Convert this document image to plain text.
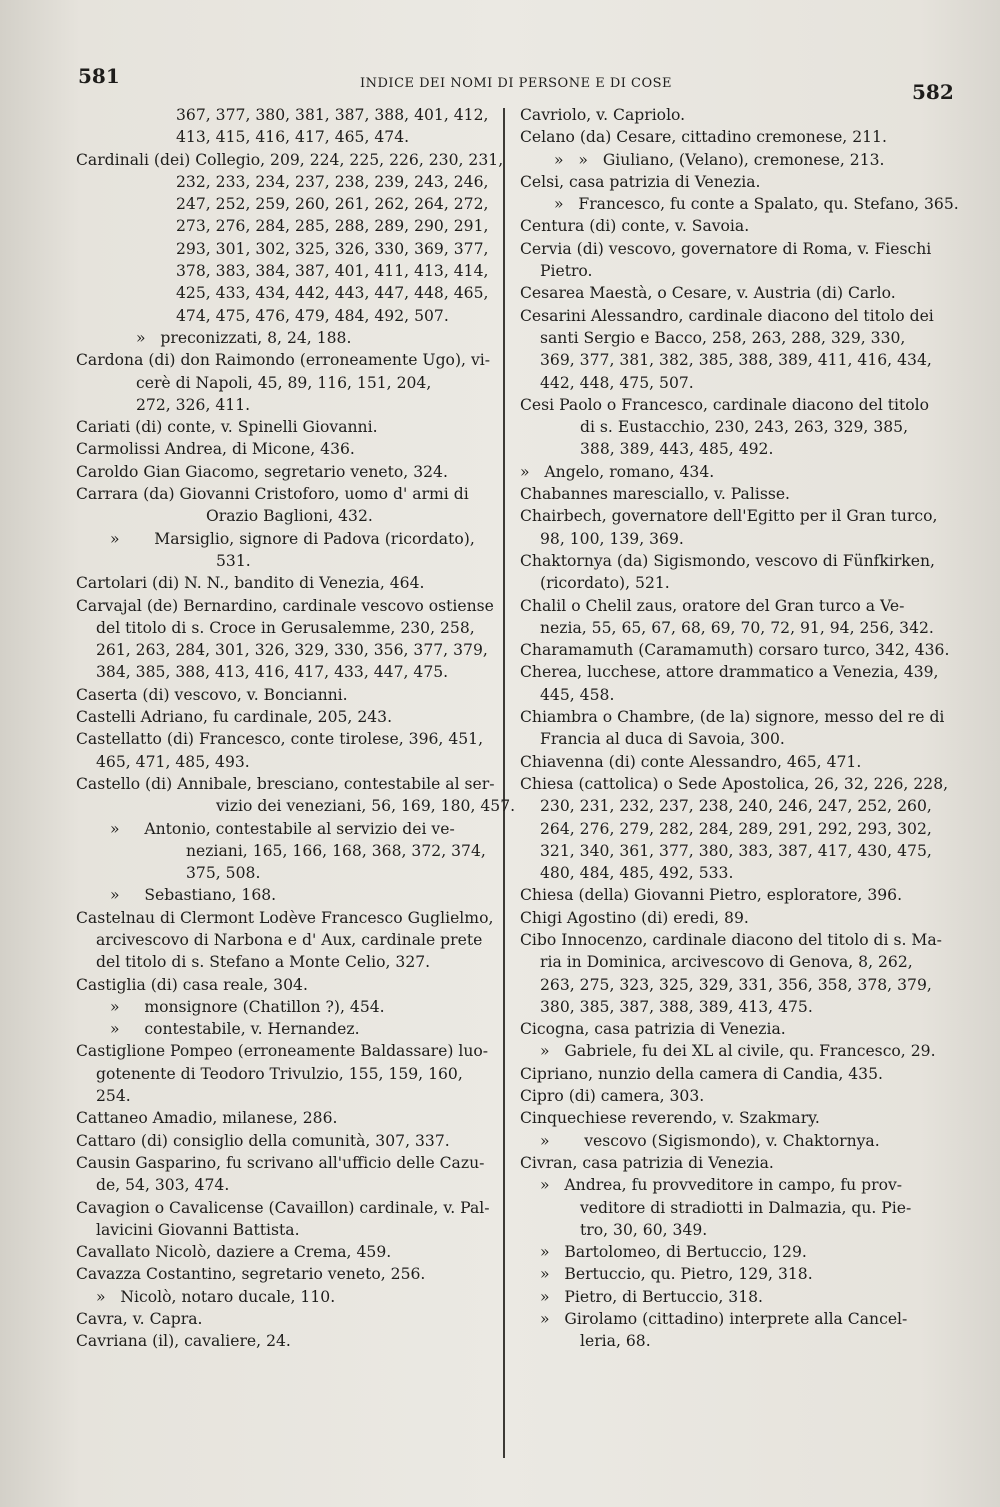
581	INDICE DEI NOMI DI PERSONE E DI COSE	582
367, 377, 380, 381, 387, 388, 401, 412,
413, 415, 416, 417, 465, 474.
Cardinali (dei) Collegio, 209, 224, 225, 226, 230, 231,
232, 233, 234, 237, 238, 239, 243, 246,
247, 252, 259, 260, 261, 262, 264, 272,
273, 276, 284, 285, 288, 289, 290, 291,
293, 301, 302, 325, 326, 330, 369, 377,
378, 383, 384, 387, 401, 411, 413, 414,
425, 433, 434, 442, 443, 447, 448, 465,
474, 475, 476, 479, 484, 492, 507.
»   preconizzati, 8, 24, 188.
Cardona (di) don Raimondo (erroneamente Ugo), vi-
cerè di Napoli, 45, 89, 116, 151, 204,
272, 326, 411.
Cariati (di) conte, v. Spinelli Giovanni.
Carmolissi Andrea, di Micone, 436.
Caroldo Gian Giacomo, segretario veneto, 324.
Carrara (da) Giovanni Cristoforo, uomo d' armi di
Orazio Baglioni, 432.
»       Marsiglio, signore di Padova (ricordato),
531.
Cartolari (di) N. N., bandito di Venezia, 464.
Carvajal (de) Bernardino, cardinale vescovo ostiense
del titolo di s. Croce in Gerusalemme, 230, 258,
261, 263, 284, 301, 326, 329, 330, 356, 377, 379,
384, 385, 388, 413, 416, 417, 433, 447, 475.
Caserta (di) vescovo, v. Boncianni.
Castelli Adriano, fu cardinale, 205, 243.
Castellatto (di) Francesco, conte tirolese, 396, 451,
465, 471, 485, 493.
Castello (di) Annibale, bresciano, contestabile al ser-
vizio dei veneziani, 56, 169, 180, 457.
»     Antonio, contestabile al servizio dei ve-
neziani, 165, 166, 168, 368, 372, 374,
375, 508.
»     Sebastiano, 168.
Castelnau di Clermont Lodève Francesco Guglielmo,
arcivescovo di Narbona e d' Aux, cardinale prete
del titolo di s. Stefano a Monte Celio, 327.
Castiglia (di) casa reale, 304.
»     monsignore (Chatillon ?), 454.
»     contestabile, v. Hernandez.
Castiglione Pompeo (erroneamente Baldassare) luo-
gotenente di Teodoro Trivulzio, 155, 159, 160,
254.
Cattaneo Amadio, milanese, 286.
Cattaro (di) consiglio della comunità, 307, 337.
Causin Gasparino, fu scrivano all'ufficio delle Cazu-
de, 54, 303, 474.
Cavagion o Cavalicense (Cavaillon) cardinale, v. Pal-
lavicini Giovanni Battista.
Cavallato Nicolò, daziere a Crema, 459.
Cavazza Costantino, segretario veneto, 256.
»   Nicolò, notaro ducale, 110.
Cavra, v. Capra.
Cavriana (il), cavaliere, 24.
Cavriolo, v. Capriolo.
Celano (da) Cesare, cittadino cremonese, 211.
»   »   Giuliano, (Velano), cremonese, 213.
Celsi, casa patrizia di Venezia.
»   Francesco, fu conte a Spalato, qu. Stefano, 365.
Centura (di) conte, v. Savoia.
Cervia (di) vescovo, governatore di Roma, v. Fieschi
Pietro.
Cesarea Maestà, o Cesare, v. Austria (di) Carlo.
Cesarini Alessandro, cardinale diacono del titolo dei
santi Sergio e Bacco, 258, 263, 288, 329, 330,
369, 377, 381, 382, 385, 388, 389, 411, 416, 434,
442, 448, 475, 507.
Cesi Paolo o Francesco, cardinale diacono del titolo
di s. Eustacchio, 230, 243, 263, 329, 385,
388, 389, 443, 485, 492.
»   Angelo, romano, 434.
Chabannes maresciallo, v. Palisse.
Chairbech, governatore dell'Egitto per il Gran turco,
98, 100, 139, 369.
Chaktornya (da) Sigismondo, vescovo di Fünfkirken,
(ricordato), 521.
Chalil o Chelil zaus, oratore del Gran turco a Ve-
nezia, 55, 65, 67, 68, 69, 70, 72, 91, 94, 256, 342.
Charamamuth (Caramamuth) corsaro turco, 342, 436.
Cherea, lucchese, attore drammatico a Venezia, 439,
445, 458.
Chiambra o Chambre, (de la) signore, messo del re di
Francia al duca di Savoia, 300.
Chiavenna (di) conte Alessandro, 465, 471.
Chiesa (cattolica) o Sede Apostolica, 26, 32, 226, 228,
230, 231, 232, 237, 238, 240, 246, 247, 252, 260,
264, 276, 279, 282, 284, 289, 291, 292, 293, 302,
321, 340, 361, 377, 380, 383, 387, 417, 430, 475,
480, 484, 485, 492, 533.
Chiesa (della) Giovanni Pietro, esploratore, 396.
Chigi Agostino (di) eredi, 89.
Cibo Innocenzo, cardinale diacono del titolo di s. Ma-
ria in Dominica, arcivescovo di Genova, 8, 262,
263, 275, 323, 325, 329, 331, 356, 358, 378, 379,
380, 385, 387, 388, 389, 413, 475.
Cicogna, casa patrizia di Venezia.
»   Gabriele, fu dei XL al civile, qu. Francesco, 29.
Cipriano, nunzio della camera di Candia, 435.
Cipro (di) camera, 303.
Cinquechiese reverendo, v. Szakmary.
»       vescovo (Sigismondo), v. Chaktornya.
Civran, casa patrizia di Venezia.
»   Andrea, fu provveditore in campo, fu prov-
veditore di stradiotti in Dalmazia, qu. Pie-
tro, 30, 60, 349.
»   Bartolomeo, di Bertuccio, 129.
»   Bertuccio, qu. Pietro, 129, 318.
»   Pietro, di Bertuccio, 318.
»   Girolamo (cittadino) interprete alla Cancel-
leria, 68.
